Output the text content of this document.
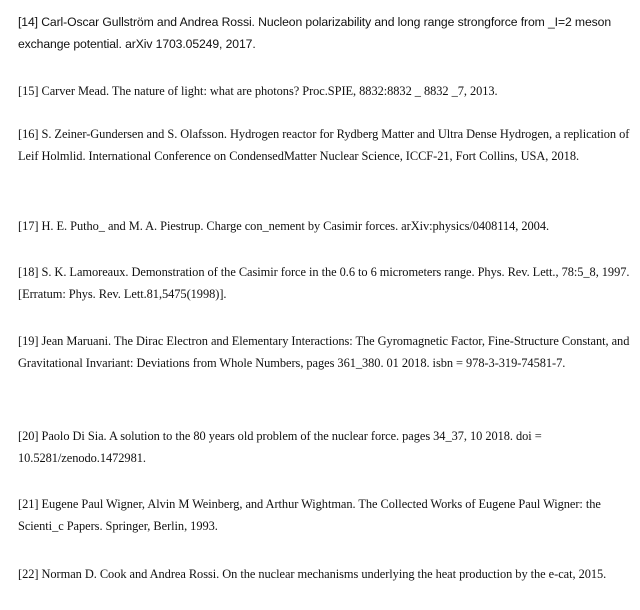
[14] Carl-Oscar Gullström and Andrea Rossi. Nucleon polarizability and long range strongforce from _I=2 meson exchange potential. arXiv 1703.05249, 2017.

[15] Carver Mead. The nature of light: what are photons? Proc.SPIE, 8832:8832 _ 8832 _7, 2013.

[16] S. Zeiner-Gundersen and S. Olafsson. Hydrogen reactor for Rydberg Matter and Ultra Dense Hydrogen, a replication of Leif Holmlid. International Conference on CondensedMatter Nuclear Science, ICCF-21, Fort Collins, USA, 2018.

[17] H. E. Putho_ and M. A. Piestrup. Charge con_nement by Casimir forces. arXiv:physics/0408114, 2004.

[18] S. K. Lamoreaux. Demonstration of the Casimir force in the 0.6 to 6 micrometers range. Phys. Rev. Lett., 78:5_8, 1997. [Erratum: Phys. Rev. Lett.81,5475(1998)].

[19] Jean Maruani. The Dirac Electron and Elementary Interactions: The Gyromagnetic Factor, Fine-Structure Constant, and Gravitational Invariant: Deviations from Whole Numbers, pages 361_380. 01 2018. isbn = 978-3-319-74581-7.

[20] Paolo Di Sia. A solution to the 80 years old problem of the nuclear force. pages 34_37, 10 2018. doi = 10.5281/zenodo.1472981.

[21] Eugene Paul Wigner, Alvin M Weinberg, and Arthur Wightman. The Collected Works of Eugene Paul Wigner: the Scienti_c Papers. Springer, Berlin, 1993.

[22] Norman D. Cook and Andrea Rossi. On the nuclear mechanisms underlying the heat production by the e-cat, 2015.
